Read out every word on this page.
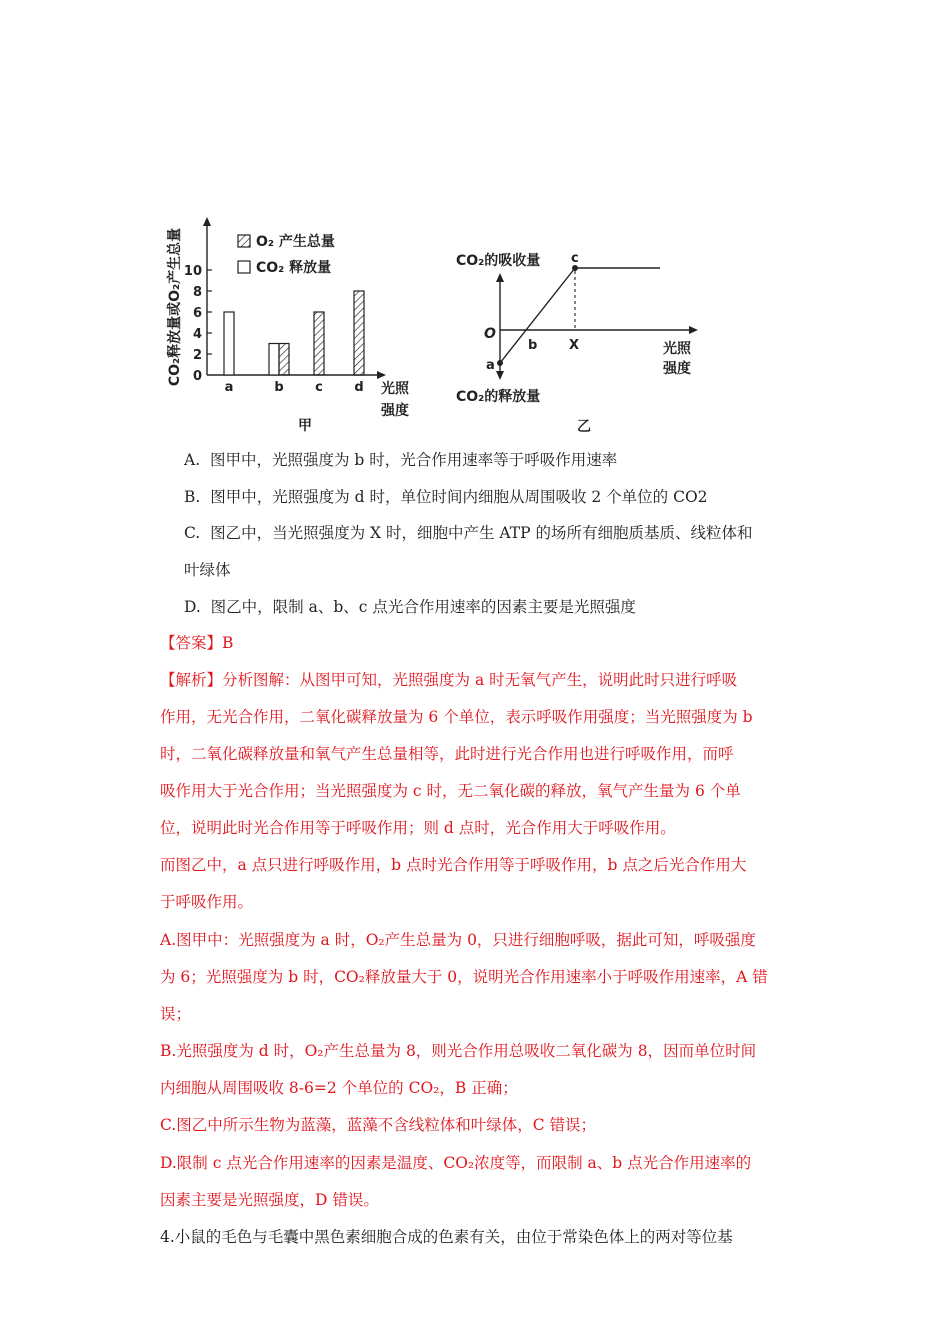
CO₂释放量或O₂产生总量 0
2
4
6
8
10
a	b c d
O₂ 产生总量
CO₂ 释放量
光照
强度
甲
CO₂的吸收量
CO₂的释放量
O
a
b X
c
光照
强度
乙
A. 图甲中，光照强度为 b 时，光合作用速率等于呼吸作用速率
B. 图甲中，光照强度为 d 时，单位时间内细胞从周围吸收 2 个单位的 CO2
C. 图乙中，当光照强度为 X 时，细胞中产生 ATP 的场所有细胞质基质、线粒体和
叶绿体
D. 图乙中，限制 a、b、c 点光合作用速率的因素主要是光照强度
【答案】B
【解析】分析图解：从图甲可知，光照强度为 a 时无氧气产生，说明此时只进行呼吸
作用，无光合作用，二氧化碳释放量为 6 个单位，表示呼吸作用强度；当光照强度为 b
时，二氧化碳释放量和氧气产生总量相等，此时进行光合作用也进行呼吸作用，而呼
吸作用大于光合作用；当光照强度为 c 时，无二氧化碳的释放，氧气产生量为 6 个单
位，说明此时光合作用等于呼吸作用；则 d 点时，光合作用大于呼吸作用。
而图乙中，a 点只进行呼吸作用，b 点时光合作用等于呼吸作用，b 点之后光合作用大
于呼吸作用。
A.图甲中：光照强度为 a 时，O₂产生总量为 0，只进行细胞呼吸，据此可知，呼吸强度
为 6；光照强度为 b 时，CO₂释放量大于 0，说明光合作用速率小于呼吸作用速率，A 错
误；
B.光照强度为 d 时，O₂产生总量为 8，则光合作用总吸收二氧化碳为 8，因而单位时间
内细胞从周围吸收 8-6=2 个单位的 CO₂，B 正确；
C.图乙中所示生物为蓝藻，蓝藻不含线粒体和叶绿体，C 错误；
D.限制 c 点光合作用速率的因素是温度、CO₂浓度等，而限制 a、b 点光合作用速率的
因素主要是光照强度，D 错误。
4.小鼠的毛色与毛囊中黑色素细胞合成的色素有关，由位于常染色体上的两对等位基
